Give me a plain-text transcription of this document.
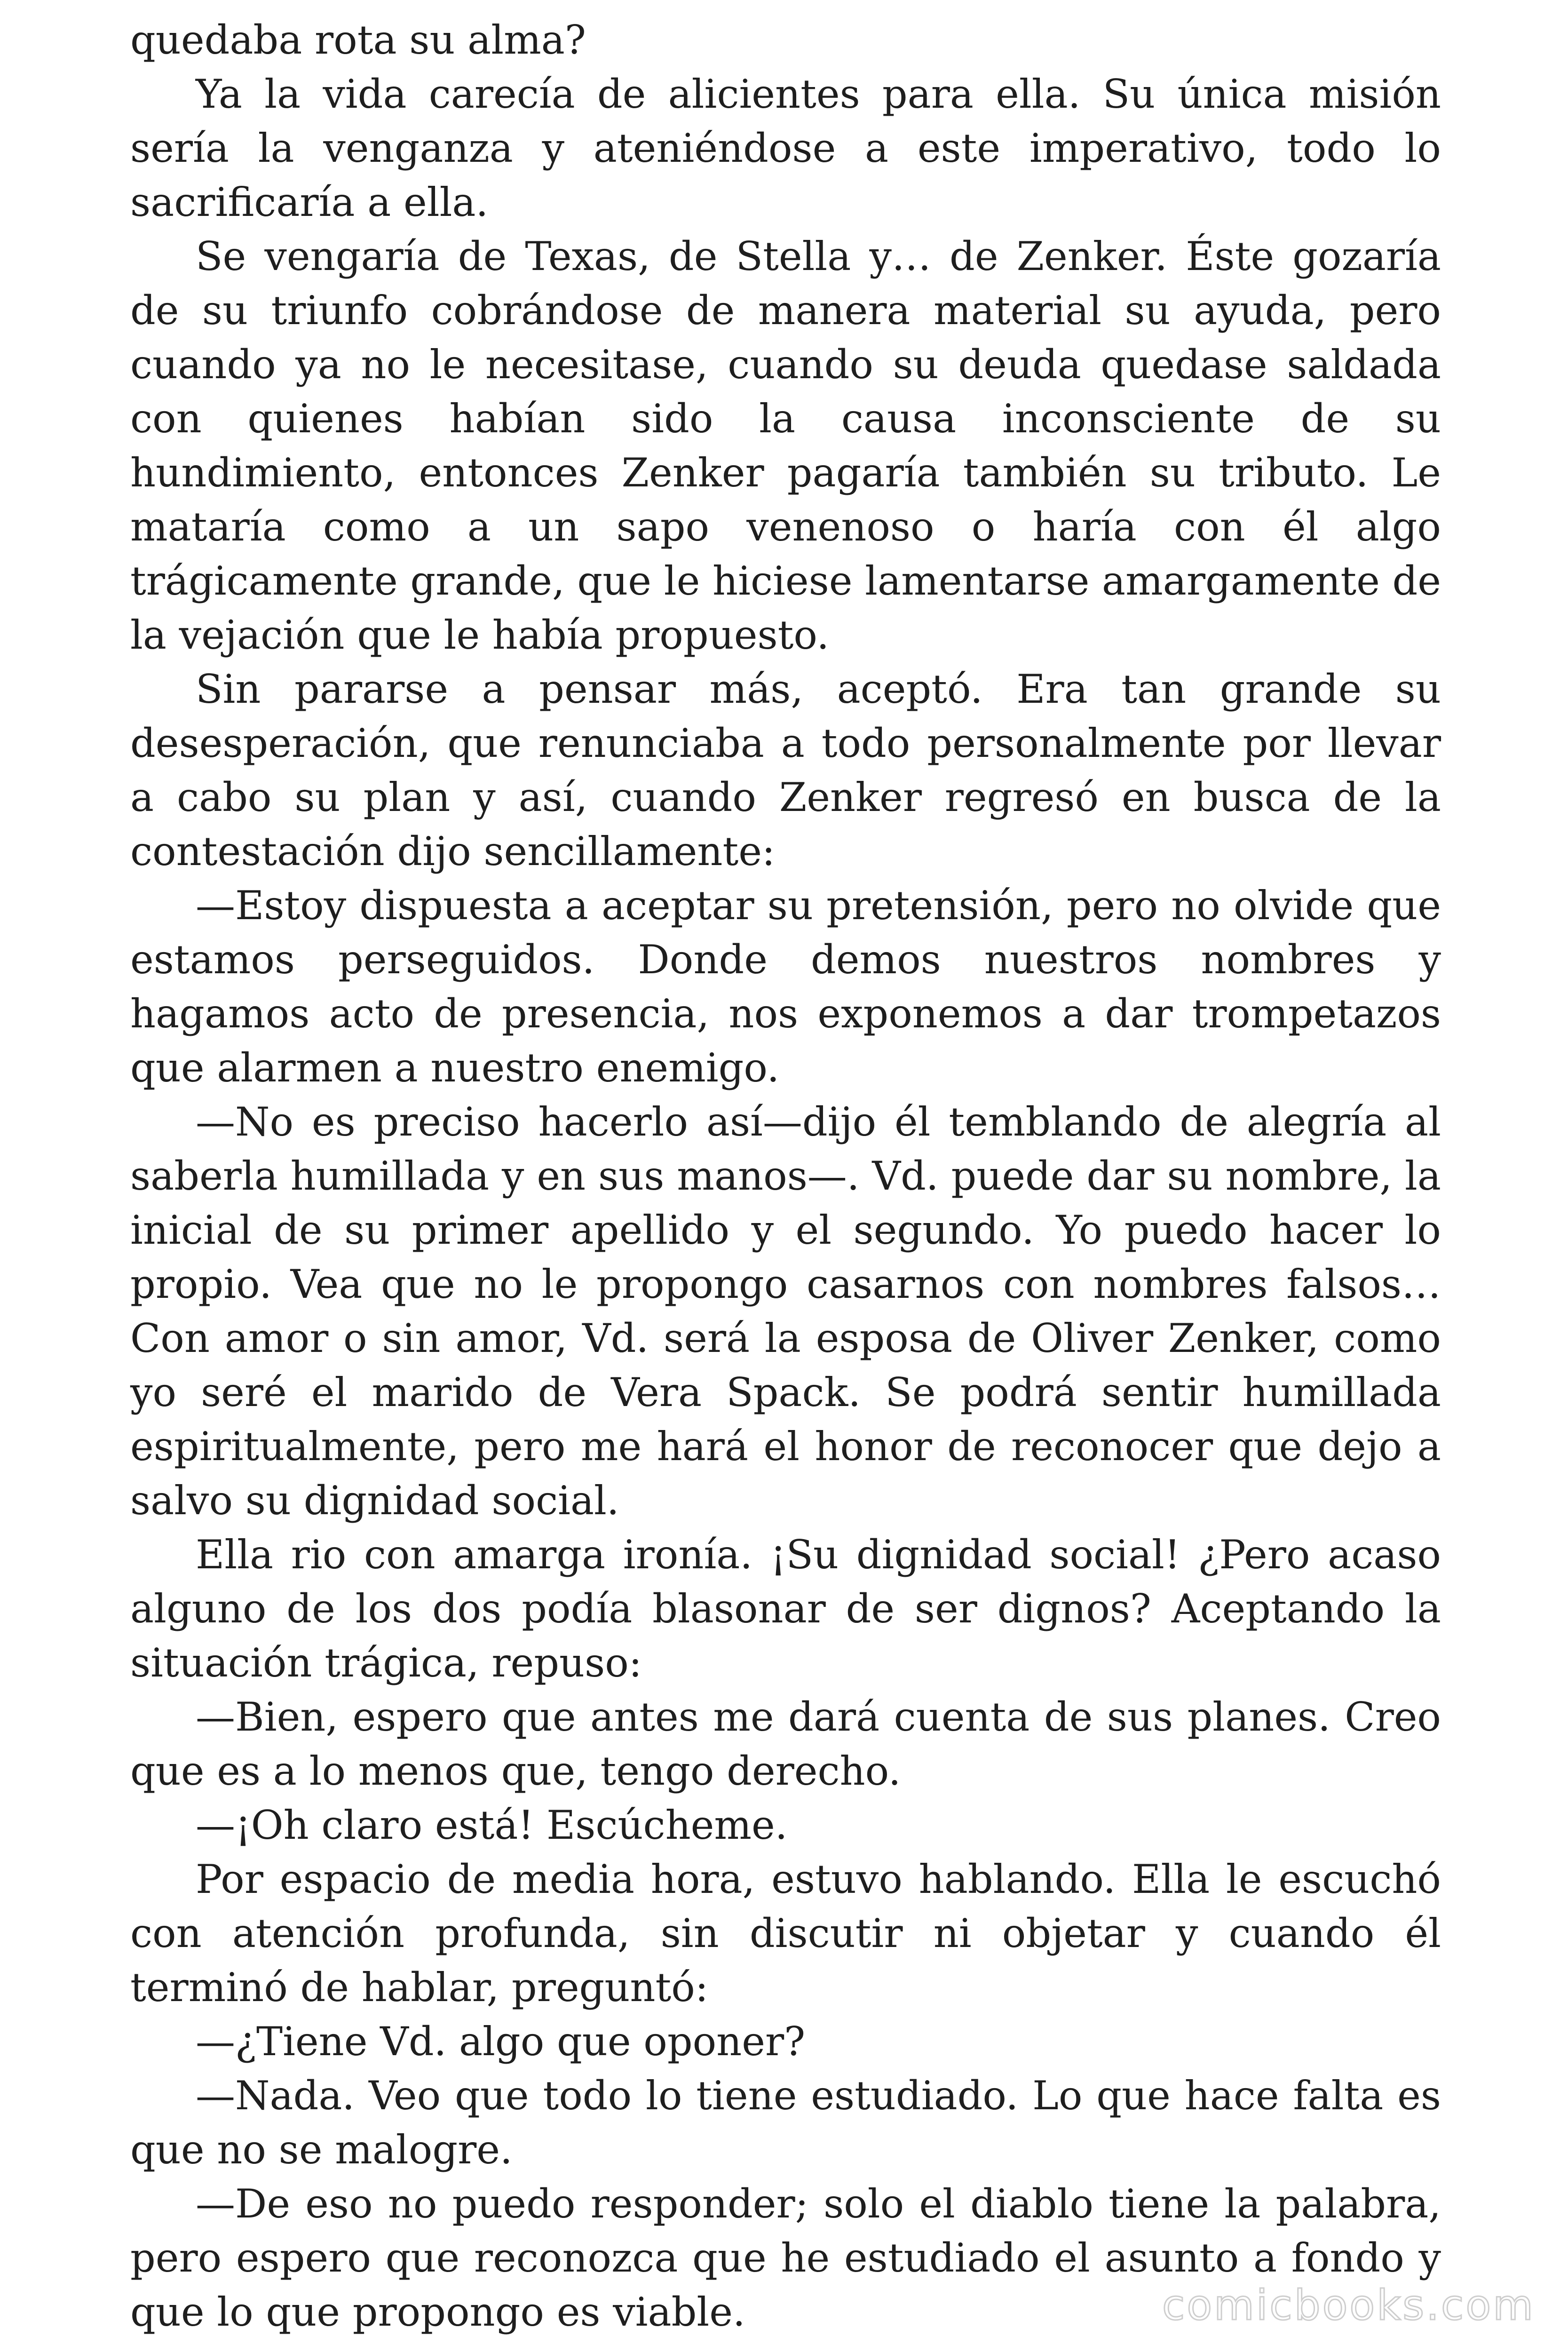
quedaba rota su alma?

Ya la vida carecía de alicientes para ella. Su única misión sería la venganza y ateniéndose a este imperativo, todo lo sacrificaría a ella.

Se vengaría de Texas, de Stella y… de Zenker. Éste gozaría de su triunfo cobrándose de manera material su ayuda, pero cuando ya no le necesitase, cuando su deuda quedase saldada con quienes habían sido la causa inconsciente de su hundimiento, entonces Zenker pagaría también su tributo. Le mataría como a un sapo venenoso o haría con él algo trágicamente grande, que le hiciese lamentarse amargamente de la vejación que le había propuesto.

Sin pararse a pensar más, aceptó. Era tan grande su desesperación, que renunciaba a todo personalmente por llevar a cabo su plan y así, cuando Zenker regresó en busca de la contestación dijo sencillamente:

—Estoy dispuesta a aceptar su pretensión, pero no olvide que estamos perseguidos. Donde demos nuestros nombres y hagamos acto de presencia, nos exponemos a dar trompetazos que alarmen a nuestro enemigo.

—No es preciso hacerlo así—dijo él temblando de alegría al saberla humillada y en sus manos—. Vd. puede dar su nombre, la inicial de su primer apellido y el segundo. Yo puedo hacer lo propio. Vea que no le propongo casarnos con nombres falsos… Con amor o sin amor, Vd. será la esposa de Oliver Zenker, como yo seré el marido de Vera Spack. Se podrá sentir humillada espiritualmente, pero me hará el honor de reconocer que dejo a salvo su dignidad social.

Ella rio con amarga ironía. ¡Su dignidad social! ¿Pero acaso alguno de los dos podía blasonar de ser dignos? Aceptando la situación trágica, repuso:

—Bien, espero que antes me dará cuenta de sus planes. Creo que es a lo menos que, tengo derecho.

—¡Oh claro está! Escúcheme.

Por espacio de media hora, estuvo hablando. Ella le escuchó con atención profunda, sin discutir ni objetar y cuando él terminó de hablar, preguntó:

—¿Tiene Vd. algo que oponer?

—Nada. Veo que todo lo tiene estudiado. Lo que hace falta es que no se malogre.

—De eso no puedo responder; solo el diablo tiene la palabra, pero espero que reconozca que he estudiado el asunto a fondo y que lo que propongo es viable.	comicbooks.com
